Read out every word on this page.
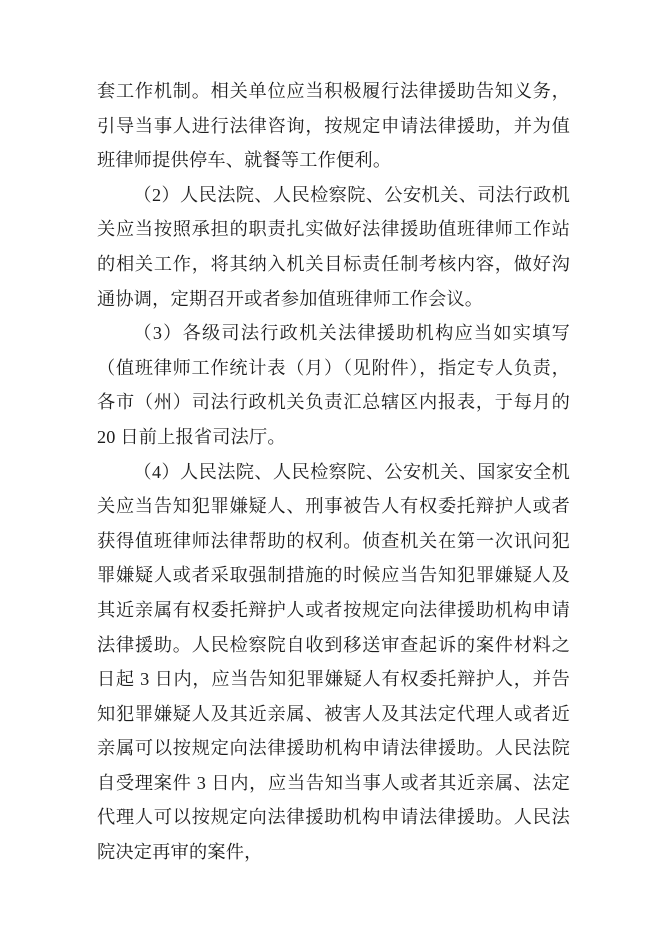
套工作机制。相关单位应当积极履行法律援助告知义务，引导当事人进行法律咨询，按规定申请法律援助，并为值班律师提供停车、就餐等工作便利。

（2）人民法院、人民检察院、公安机关、司法行政机关应当按照承担的职责扎实做好法律援助值班律师工作站的相关工作，将其纳入机关目标责任制考核内容，做好沟通协调，定期召开或者参加值班律师工作会议。

（3）各级司法行政机关法律援助机构应当如实填写（值班律师工作统计表（月）（见附件），指定专人负责，各市（州）司法行政机关负责汇总辖区内报表，于每月的 20 日前上报省司法厅。

（4）人民法院、人民检察院、公安机关、国家安全机关应当告知犯罪嫌疑人、刑事被告人有权委托辩护人或者获得值班律师法律帮助的权利。侦查机关在第一次讯问犯罪嫌疑人或者采取强制措施的时候应当告知犯罪嫌疑人及其近亲属有权委托辩护人或者按规定向法律援助机构申请法律援助。人民检察院自收到移送审查起诉的案件材料之日起 3 日内，应当告知犯罪嫌疑人有权委托辩护人，并告知犯罪嫌疑人及其近亲属、被害人及其法定代理人或者近亲属可以按规定向法律援助机构申请法律援助。人民法院自受理案件 3 日内，应当告知当事人或者其近亲属、法定代理人可以按规定向法律援助机构申请法律援助。人民法院决定再审的案件，
